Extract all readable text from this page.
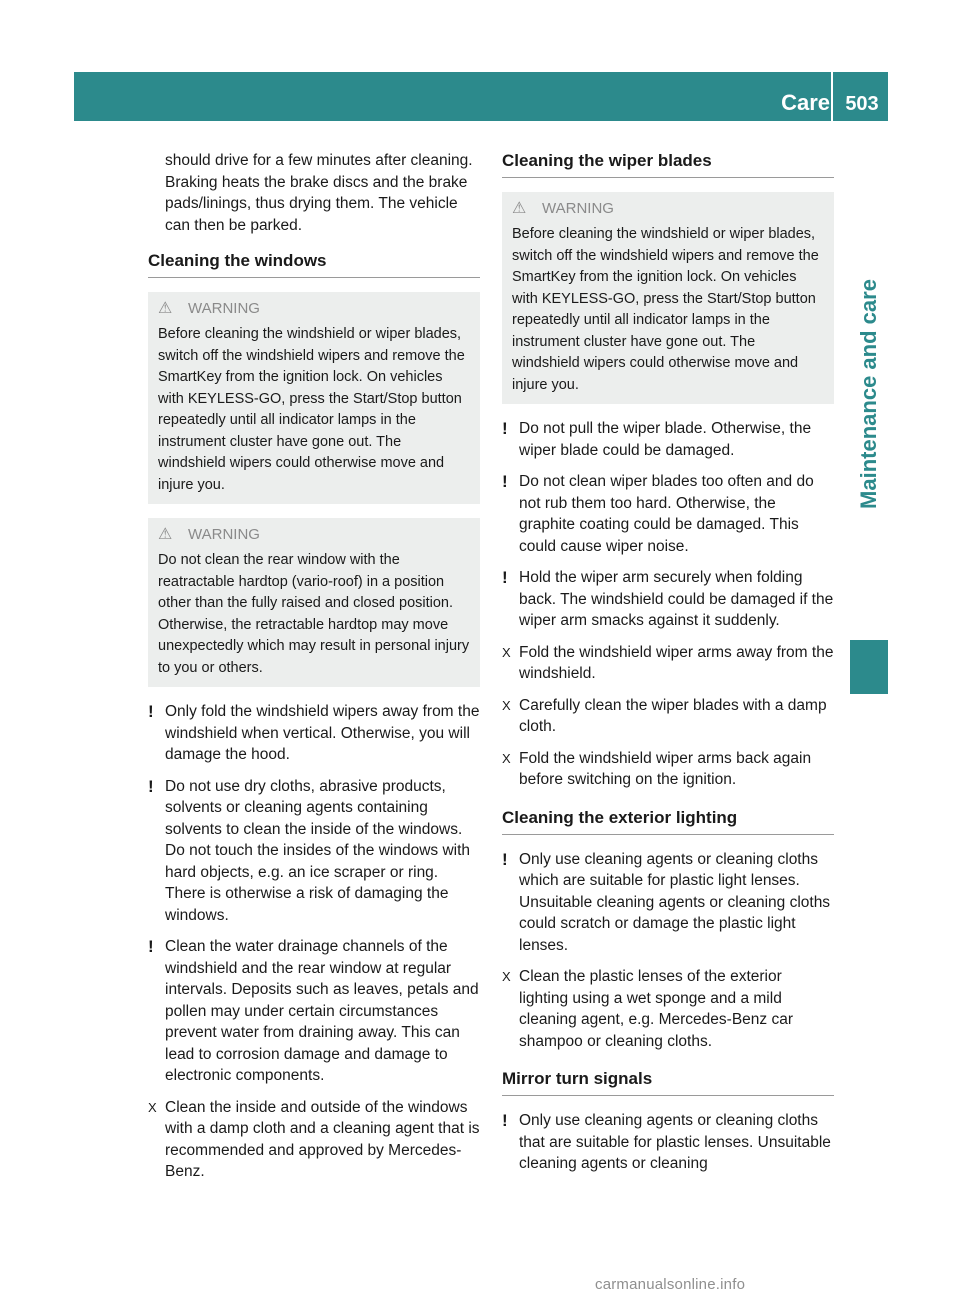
Care 503
Maintenance and care

should drive for a few minutes after cleaning. Braking heats the brake discs and the brake pads/linings, thus drying them. The vehicle can then be parked.

Cleaning the windows
⚠ WARNING

Before cleaning the windshield or wiper blades, switch off the windshield wipers and remove the SmartKey from the ignition lock. On vehicles with KEYLESS-GO, press the Start/Stop button repeatedly until all indicator lamps in the instrument cluster have gone out. The windshield wipers could otherwise move and injure you.

⚠ WARNING

Do not clean the rear window with the reatractable hardtop (vario-roof) in a position other than the fully raised and closed position. Otherwise, the retractable hardtop may move unexpectedly which may result in personal injury to you or others.

! Only fold the windshield wipers away from the windshield when vertical. Otherwise, you will damage the hood.
! Do not use dry cloths, abrasive products, solvents or cleaning agents containing solvents to clean the inside of the windows. Do not touch the insides of the windows with hard objects, e.g. an ice scraper or ring. There is otherwise a risk of damaging the windows.
! Clean the water drainage channels of the windshield and the rear window at regular intervals. Deposits such as leaves, petals and pollen may under certain circumstances prevent water from draining away. This can lead to corrosion damage and damage to electronic components.
X Clean the inside and outside of the windows with a damp cloth and a cleaning agent that is recommended and approved by Mercedes-Benz.
Cleaning the wiper blades
⚠ WARNING

Before cleaning the windshield or wiper blades, switch off the windshield wipers and remove the SmartKey from the ignition lock. On vehicles with KEYLESS-GO, press the Start/Stop button repeatedly until all indicator lamps in the instrument cluster have gone out. The windshield wipers could otherwise move and injure you.

! Do not pull the wiper blade. Otherwise, the wiper blade could be damaged.
! Do not clean wiper blades too often and do not rub them too hard. Otherwise, the graphite coating could be damaged. This could cause wiper noise.
! Hold the wiper arm securely when folding back. The windshield could be damaged if the wiper arm smacks against it suddenly.
X Fold the windshield wiper arms away from the windshield.
X Carefully clean the wiper blades with a damp cloth.
X Fold the windshield wiper arms back again before switching on the ignition.
Cleaning the exterior lighting
! Only use cleaning agents or cleaning cloths which are suitable for plastic light lenses. Unsuitable cleaning agents or cleaning cloths could scratch or damage the plastic light lenses.
X Clean the plastic lenses of the exterior lighting using a wet sponge and a mild cleaning agent, e.g. Mercedes-Benz car shampoo or cleaning cloths.
Mirror turn signals
! Only use cleaning agents or cleaning cloths that are suitable for plastic lenses. Unsuitable cleaning agents or cleaning
carmanualsonline.info
